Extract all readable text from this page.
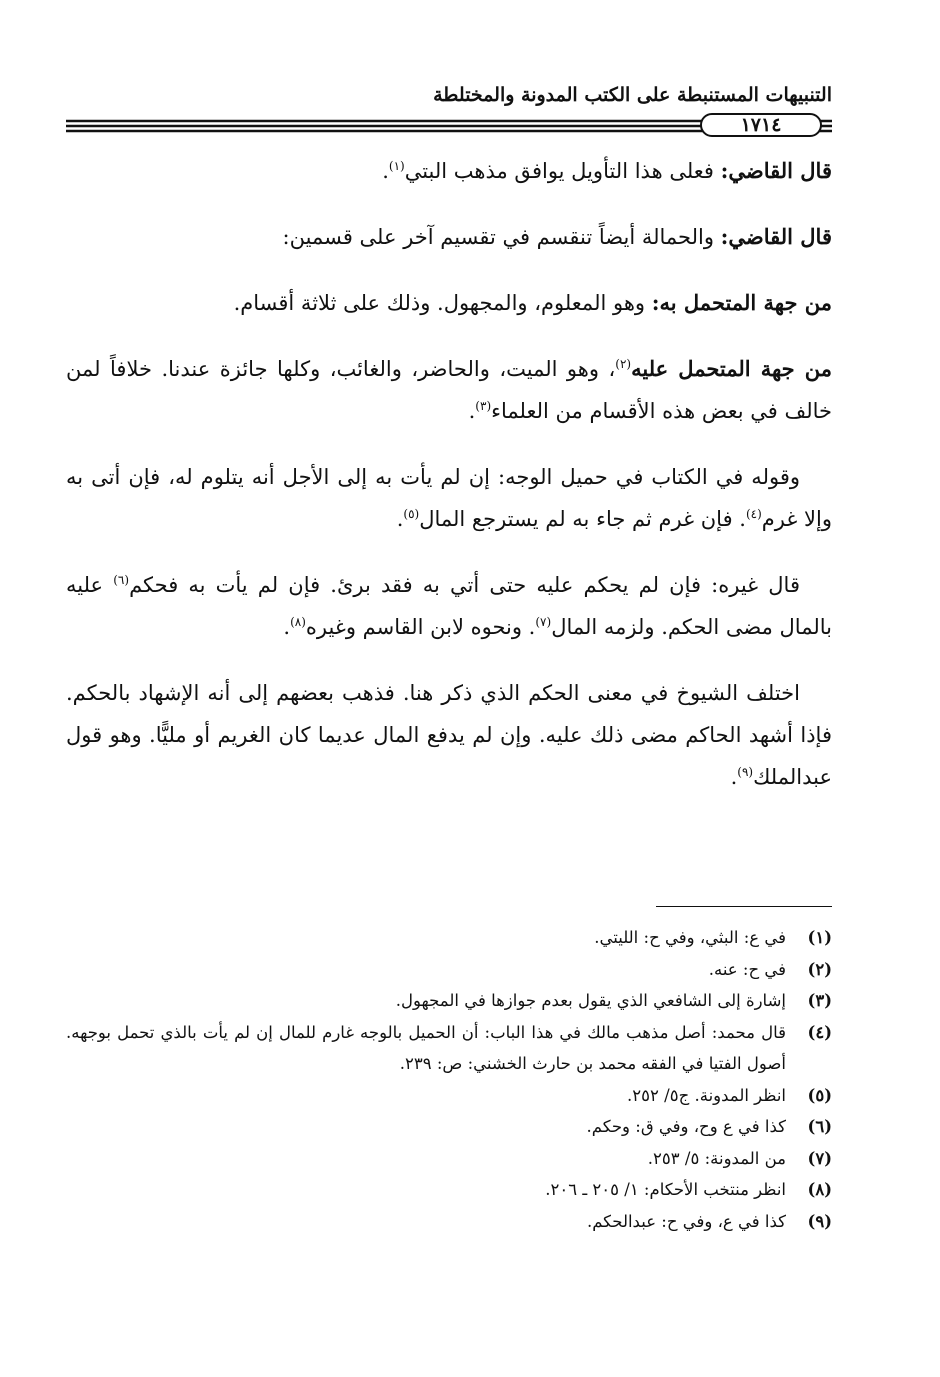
التنبيهات المستنبطة على الكتب المدونة والمختلطة
١٧١٤

قال القاضي: فعلى هذا التأويل يوافق مذهب البتي$^{(١)}$.

قال القاضي: والحمالة أيضاً تنقسم في تقسيم آخر على قسمين:

من جهة المتحمل به: وهو المعلوم، والمجهول. وذلك على ثلاثة أقسام.

من جهة المتحمل عليه$^{(٢)}$، وهو الميت، والحاضر، والغائب، وكلها جائزة عندنا. خلافاً لمن خالف في بعض هذه الأقسام من العلماء$^{(٣)}$.

وقوله في الكتاب في حميل الوجه: إن لم يأت به إلى الأجل أنه يتلوم له، فإن أتى به وإلا غرم$^{(٤)}$. فإن غرم ثم جاء به لم يسترجع المال$^{(٥)}$.

قال غيره: فإن لم يحكم عليه حتى أتي به فقد برئ. فإن لم يأت به فحكم$^{(٦)}$ عليه بالمال مضى الحكم. ولزمه المال$^{(٧)}$. ونحوه لابن القاسم وغيره$^{(٨)}$.

اختلف الشيوخ في معنى الحكم الذي ذكر هنا. فذهب بعضهم إلى أنه الإشهاد بالحكم. فإذا أشهد الحاكم مضى ذلك عليه. وإن لم يدفع المال عديما كان الغريم أو مليًّا. وهو قول عبدالملك$^{(٩)}$.

(١)
في ع: البثي، وفي ح: الليتي.
(٢)
في ح: عنه.
(٣)
إشارة إلى الشافعي الذي يقول بعدم جوازها في المجهول.
(٤)
قال محمد: أصل مذهب مالك في هذا الباب: أن الحميل بالوجه غارم للمال إن لم يأت بالذي تحمل بوجهه. أصول الفتيا في الفقه محمد بن حارث الخشني: ص: ٢٣٩.
(٥)
انظر المدونة. ج٥/ ٢٥٢.
(٦)
كذا في ع وح، وفي ق: وحكم.
(٧)
من المدونة: ٥/ ٢٥٣.
(٨)
انظر منتخب الأحكام: ١/ ٢٠٥ ـ ٢٠٦.
(٩)
كذا في ع، وفي ح: عبدالحكم.
